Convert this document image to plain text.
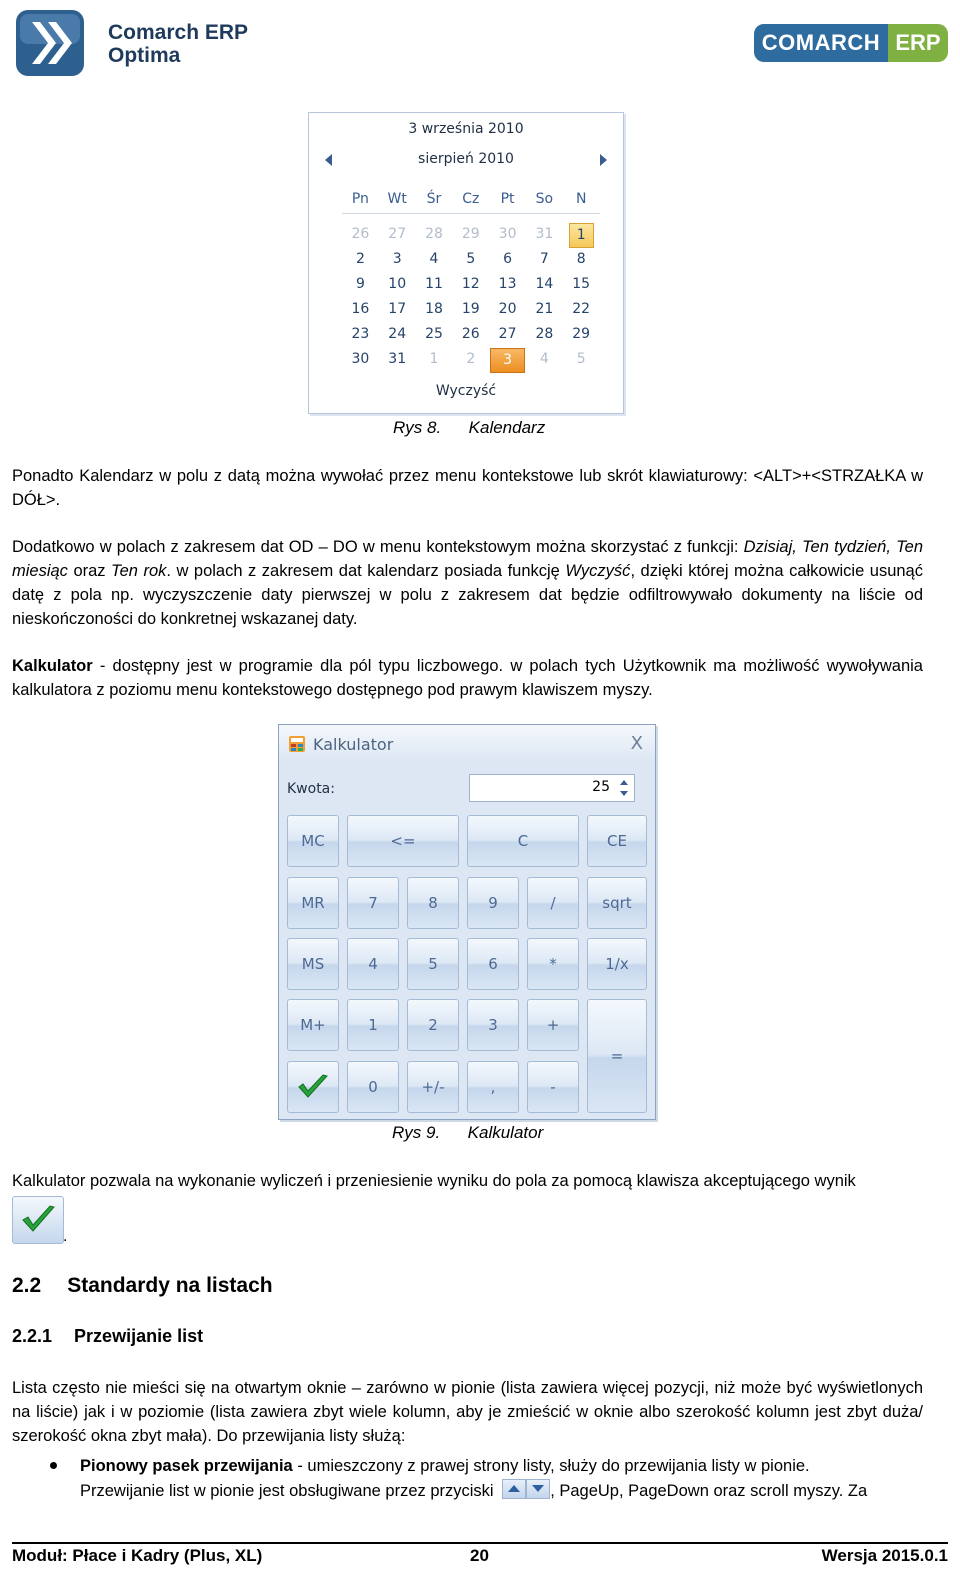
Comarch ERP
Optima
COMARCH ERP
3 września 2010
sierpień 2010
Pn	Wt	Śr	Cz	Pt	So	N
26	27	28	29	30	31	1
2	3	4	5	6	7	8
9	10	11	12	13	14	15
16	17	18	19	20	21	22
23	24	25	26	27	28	29
30	31	1	2	3	4	5
Wyczyść
Rys 8. Kalendarz
Ponadto Kalendarz w polu z datą można wywołać przez menu kontekstowe lub skrót klawiaturowy: <ALT>+<STRZAŁKA w DÓŁ>.
Dodatkowo w polach z zakresem dat OD – DO w menu kontekstowym można skorzystać z funkcji: Dzisiaj, Ten tydzień, Ten miesiąc oraz Ten rok. w polach z zakresem dat kalendarz posiada funkcję Wyczyść, dzięki której można całkowicie usunąć datę z pola np. wyczyszczenie daty pierwszej w polu z zakresem dat będzie odfiltrowywało dokumenty na liście od nieskończoności do konkretnej wskazanej daty.
Kalkulator - dostępny jest w programie dla pól typu liczbowego. w polach tych Użytkownik ma możliwość wywoływania kalkulatora z poziomu menu kontekstowego dostępnego pod prawym klawiszem myszy.
Kalkulator	X
Kwota:	25
MC	<=	C	CE
MR	7	8	9	/	sqrt
MS	4	5	6	*	1/x
M+	1	2	3	+
=
0	+/-	,	-
Rys 9. Kalkulator
Kalkulator pozwala na wykonanie wyliczeń i przeniesienie wyniku do pola za pomocą klawisza akceptującego wynik
.
2.2 Standardy na listach
2.2.1 Przewijanie list
Lista często nie mieści się na otwartym oknie – zarówno w pionie (lista zawiera więcej pozycji, niż może być wyświetlonych na liście) jak i w poziomie (lista zawiera zbyt wiele kolumn, aby je zmieścić w oknie albo szerokość kolumn jest zbyt duża/ szerokość okna zbyt mała). Do przewijania listy służą:
Pionowy pasek przewijania - umieszczony z prawej strony listy, służy do przewijania listy w pionie.
Przewijanie list w pionie jest obsługiwane przez przyciski	, PageUp, PageDown oraz scroll myszy. Za
Moduł: Płace i Kadry (Plus, XL)	20	Wersja 2015.0.1
